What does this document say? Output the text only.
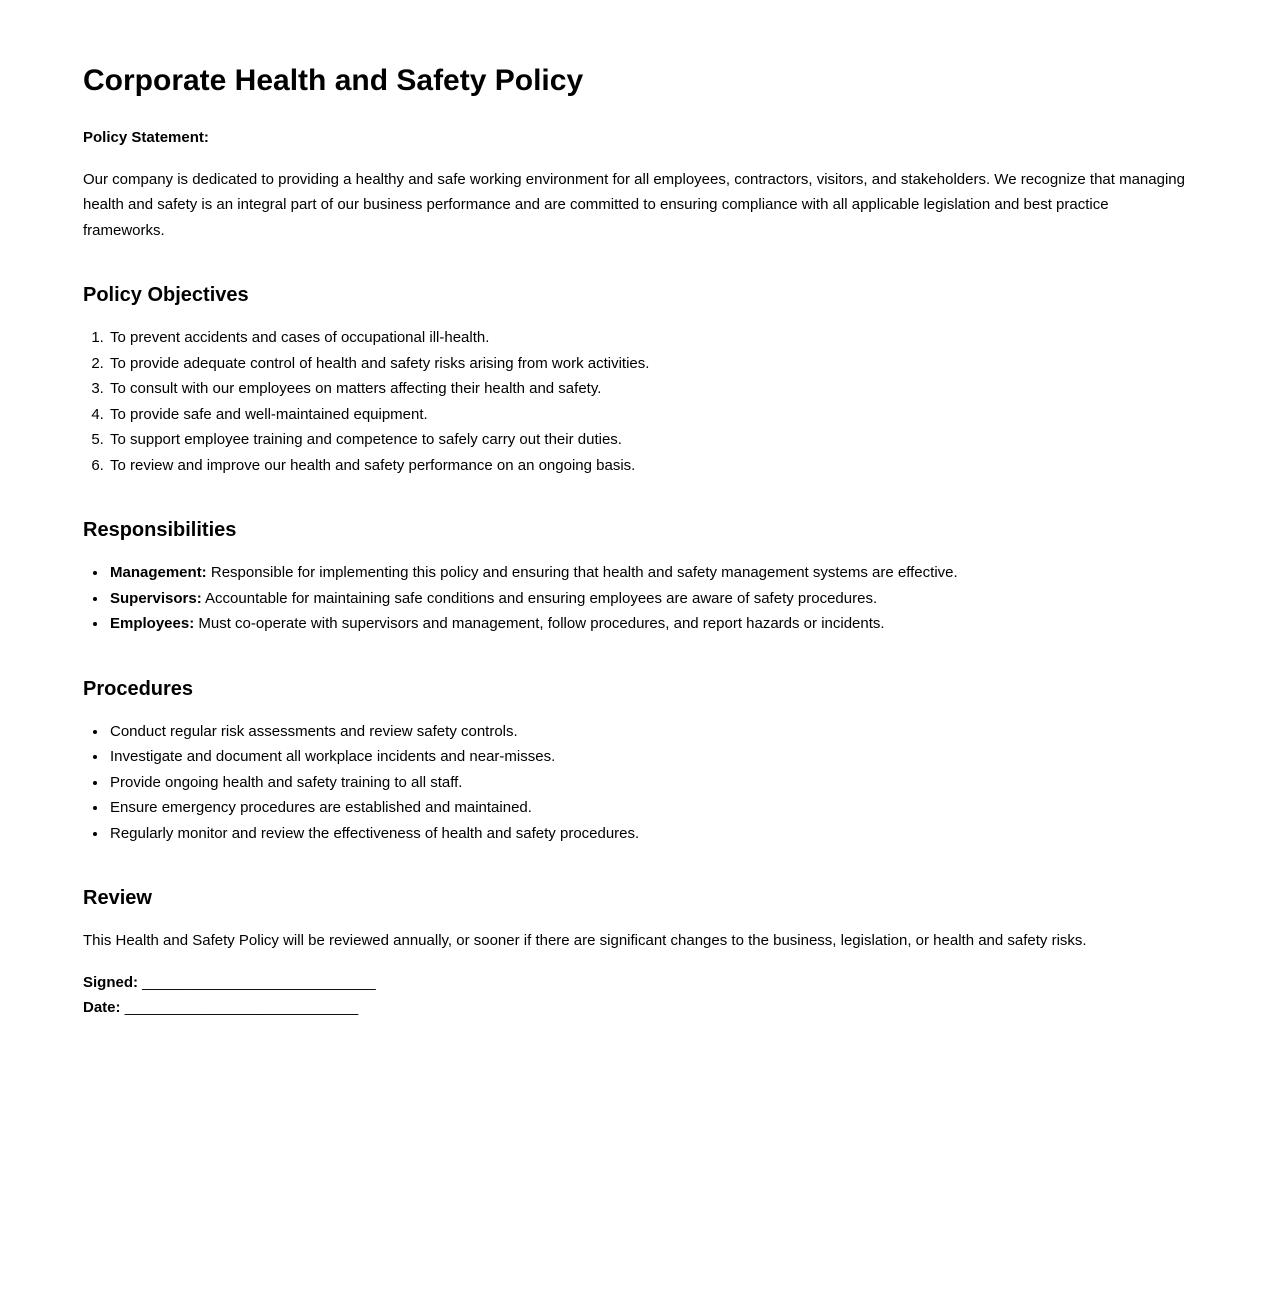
Corporate Health and Safety Policy

Policy Statement:

Our company is dedicated to providing a healthy and safe working environment for all employees, contractors, visitors, and stakeholders. We recognize that managing health and safety is an integral part of our business performance and are committed to ensuring compliance with all applicable legislation and best practice frameworks.

Policy Objectives
1. To prevent accidents and cases of occupational ill-health.
2. To provide adequate control of health and safety risks arising from work activities.
3. To consult with our employees on matters affecting their health and safety.
4. To provide safe and well-maintained equipment.
5. To support employee training and competence to safely carry out their duties.
6. To review and improve our health and safety performance on an ongoing basis.
Responsibilities
• Management: Responsible for implementing this policy and ensuring that health and safety management systems are effective.
• Supervisors: Accountable for maintaining safe conditions and ensuring employees are aware of safety procedures.
• Employees: Must co-operate with supervisors and management, follow procedures, and report hazards or incidents.
Procedures
• Conduct regular risk assessments and review safety controls.
• Investigate and document all workplace incidents and near-misses.
• Provide ongoing health and safety training to all staff.
• Ensure emergency procedures are established and maintained.
• Regularly monitor and review the effectiveness of health and safety procedures.
Review

This Health and Safety Policy will be reviewed annually, or sooner if there are significant changes to the business, legislation, or health and safety risks.

Signed: ____________________________
Date: ____________________________
